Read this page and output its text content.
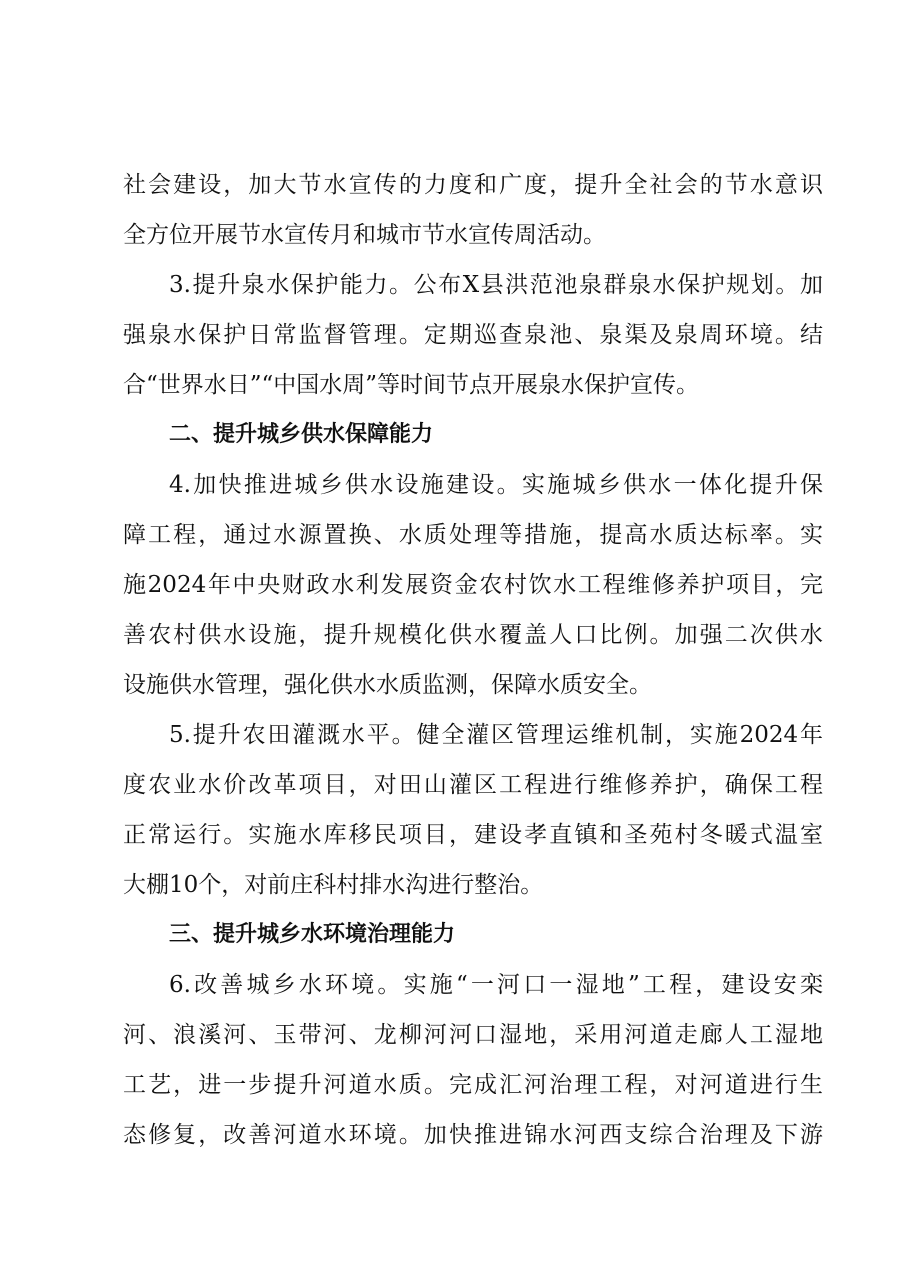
社会建设，加大节水宣传的力度和广度，提升全社会的节水意识
全方位开展节水宣传月和城市节水宣传周活动。
3.提升泉水保护能力。公布X县洪范池泉群泉水保护规划。加
强泉水保护日常监督管理。定期巡查泉池、泉渠及泉周环境。结
合“世界水日”“中国水周”等时间节点开展泉水保护宣传。
二、提升城乡供水保障能力
4.加快推进城乡供水设施建设。实施城乡供水一体化提升保
障工程，通过水源置换、水质处理等措施，提高水质达标率。实
施2024年中央财政水利发展资金农村饮水工程维修养护项目，完
善农村供水设施，提升规模化供水覆盖人口比例。加强二次供水
设施供水管理，强化供水水质监测，保障水质安全。
5.提升农田灌溉水平。健全灌区管理运维机制，实施2024年
度农业水价改革项目，对田山灌区工程进行维修养护，确保工程
正常运行。实施水库移民项目，建设孝直镇和圣苑村冬暖式温室
大棚10个，对前庄科村排水沟进行整治。
三、提升城乡水环境治理能力
6.改善城乡水环境。实施“一河口一湿地”工程，建设安栾
河、浪溪河、玉带河、龙柳河河口湿地，采用河道走廊人工湿地
工艺，进一步提升河道水质。完成汇河治理工程，对河道进行生
态修复，改善河道水环境。加快推进锦水河西支综合治理及下游
